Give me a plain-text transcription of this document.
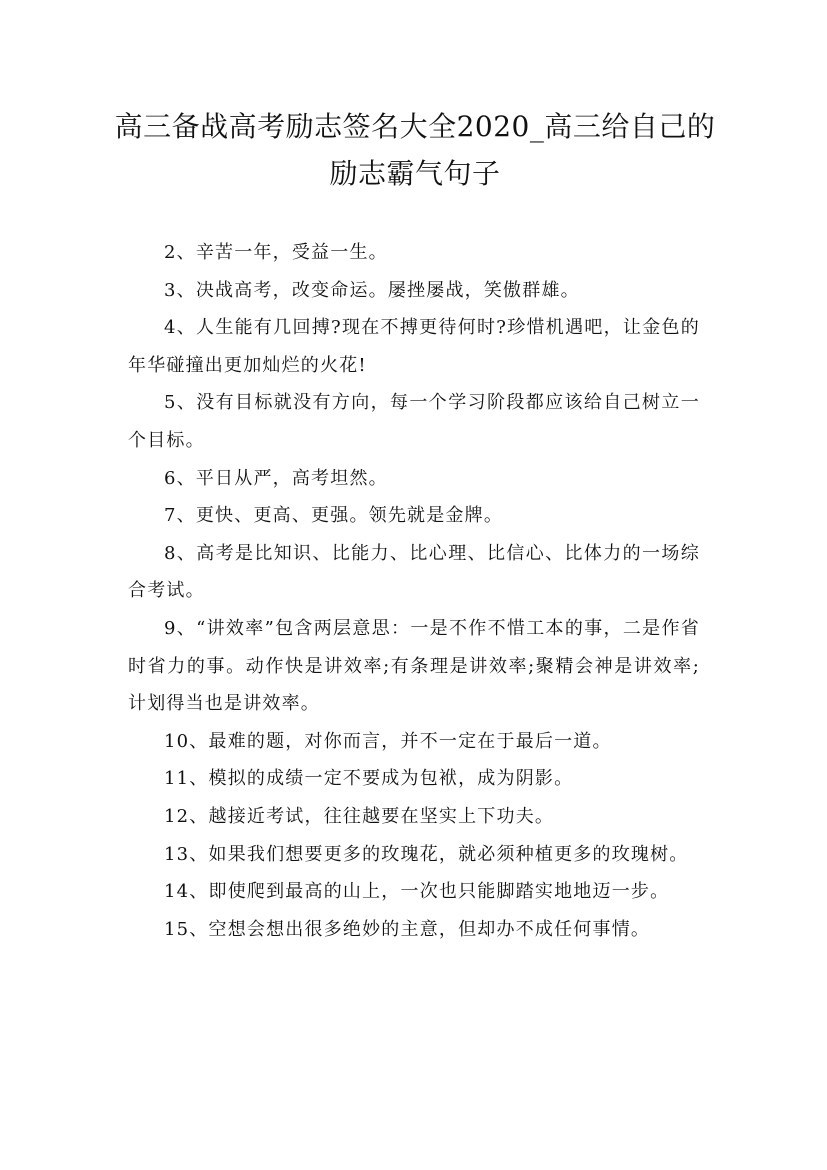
高三备战高考励志签名大全2020_高三给自己的励志霸气句子

2、辛苦一年，受益一生。

3、决战高考，改变命运。屡挫屡战，笑傲群雄。

4、人生能有几回搏?现在不搏更待何时?珍惜机遇吧，让金色的年华碰撞出更加灿烂的火花!

5、没有目标就没有方向，每一个学习阶段都应该给自己树立一个目标。

6、平日从严，高考坦然。

7、更快、更高、更强。领先就是金牌。

8、高考是比知识、比能力、比心理、比信心、比体力的一场综合考试。

9、“讲效率”包含两层意思：一是不作不惜工本的事，二是作省时省力的事。动作快是讲效率;有条理是讲效率;聚精会神是讲效率;计划得当也是讲效率。

10、最难的题，对你而言，并不一定在于最后一道。

11、模拟的成绩一定不要成为包袱，成为阴影。

12、越接近考试，往往越要在坚实上下功夫。

13、如果我们想要更多的玫瑰花，就必须种植更多的玫瑰树。

14、即使爬到最高的山上，一次也只能脚踏实地地迈一步。

15、空想会想出很多绝妙的主意，但却办不成任何事情。
